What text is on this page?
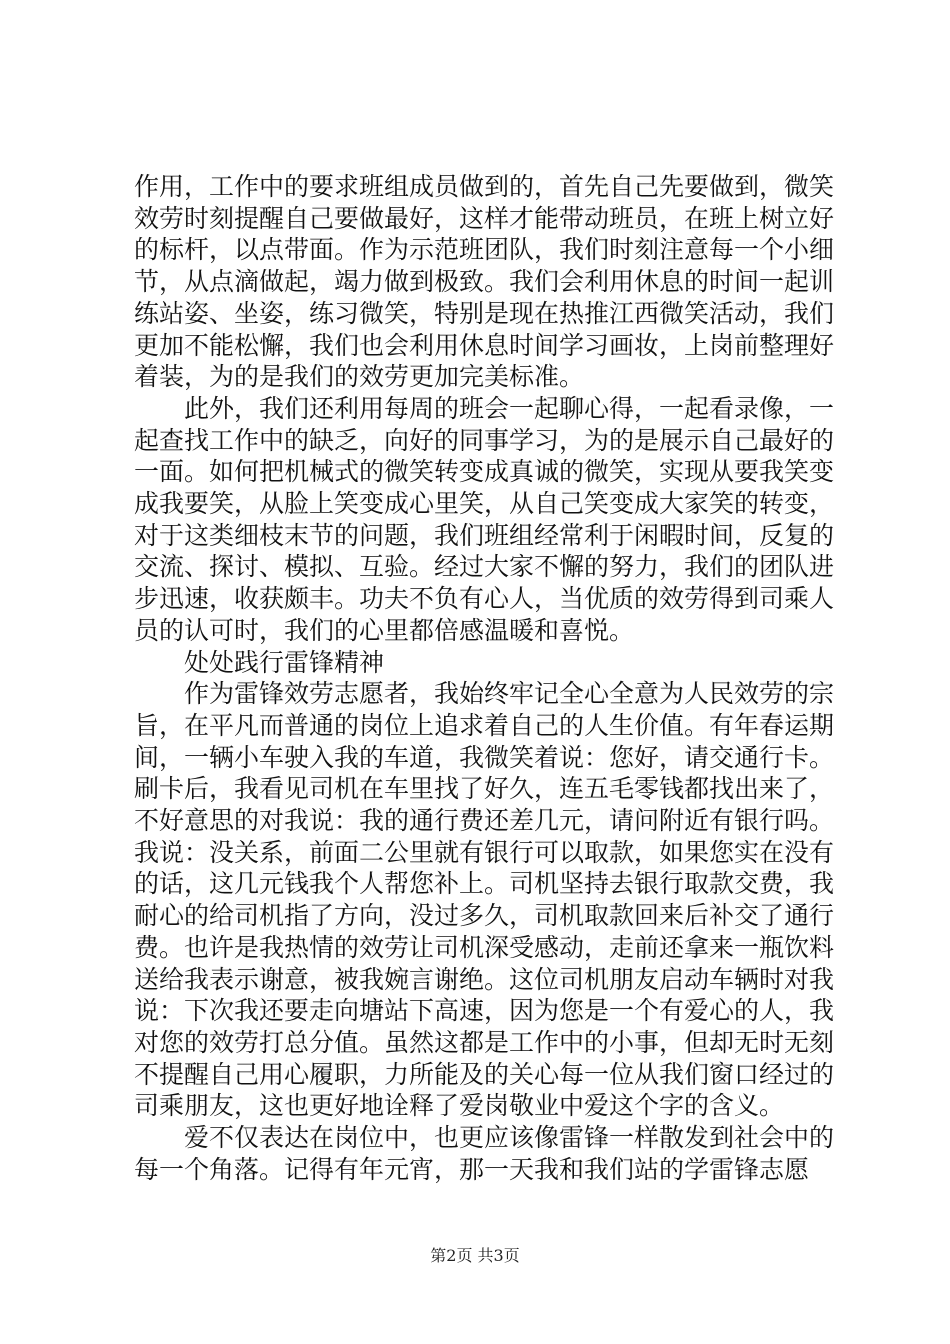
作用，工作中的要求班组成员做到的，首先自己先要做到，微笑效劳时刻提醒自己要做最好，这样才能带动班员，在班上树立好的标杆，以点带面。作为示范班团队，我们时刻注意每一个小细节，从点滴做起，竭力做到极致。我们会利用休息的时间一起训练站姿、坐姿，练习微笑，特别是现在热推江西微笑活动，我们更加不能松懈，我们也会利用休息时间学习画妆，上岗前整理好着装，为的是我们的效劳更加完美标准。

此外，我们还利用每周的班会一起聊心得，一起看录像，一起查找工作中的缺乏，向好的同事学习，为的是展示自己最好的一面。如何把机械式的微笑转变成真诚的微笑，实现从要我笑变成我要笑，从脸上笑变成心里笑，从自己笑变成大家笑的转变，对于这类细枝末节的问题，我们班组经常利于闲暇时间，反复的交流、探讨、模拟、互验。经过大家不懈的努力，我们的团队进步迅速，收获颇丰。功夫不负有心人，当优质的效劳得到司乘人员的认可时，我们的心里都倍感温暖和喜悦。

处处践行雷锋精神

作为雷锋效劳志愿者，我始终牢记全心全意为人民效劳的宗旨，在平凡而普通的岗位上追求着自己的人生价值。有年春运期间，一辆小车驶入我的车道，我微笑着说：您好，请交通行卡。刷卡后，我看见司机在车里找了好久，连五毛零钱都找出来了，不好意思的对我说：我的通行费还差几元，请问附近有银行吗。我说：没关系，前面二公里就有银行可以取款，如果您实在没有的话，这几元钱我个人帮您补上。司机坚持去银行取款交费，我耐心的给司机指了方向，没过多久，司机取款回来后补交了通行费。也许是我热情的效劳让司机深受感动，走前还拿来一瓶饮料送给我表示谢意，被我婉言谢绝。这位司机朋友启动车辆时对我说：下次我还要走向塘站下高速，因为您是一个有爱心的人，我对您的效劳打总分值。虽然这都是工作中的小事，但却无时无刻不提醒自己用心履职，力所能及的关心每一位从我们窗口经过的司乘朋友，这也更好地诠释了爱岗敬业中爱这个字的含义。

爱不仅表达在岗位中，也更应该像雷锋一样散发到社会中的每一个角落。记得有年元宵，那一天我和我们站的学雷锋志愿

第2页 共3页
